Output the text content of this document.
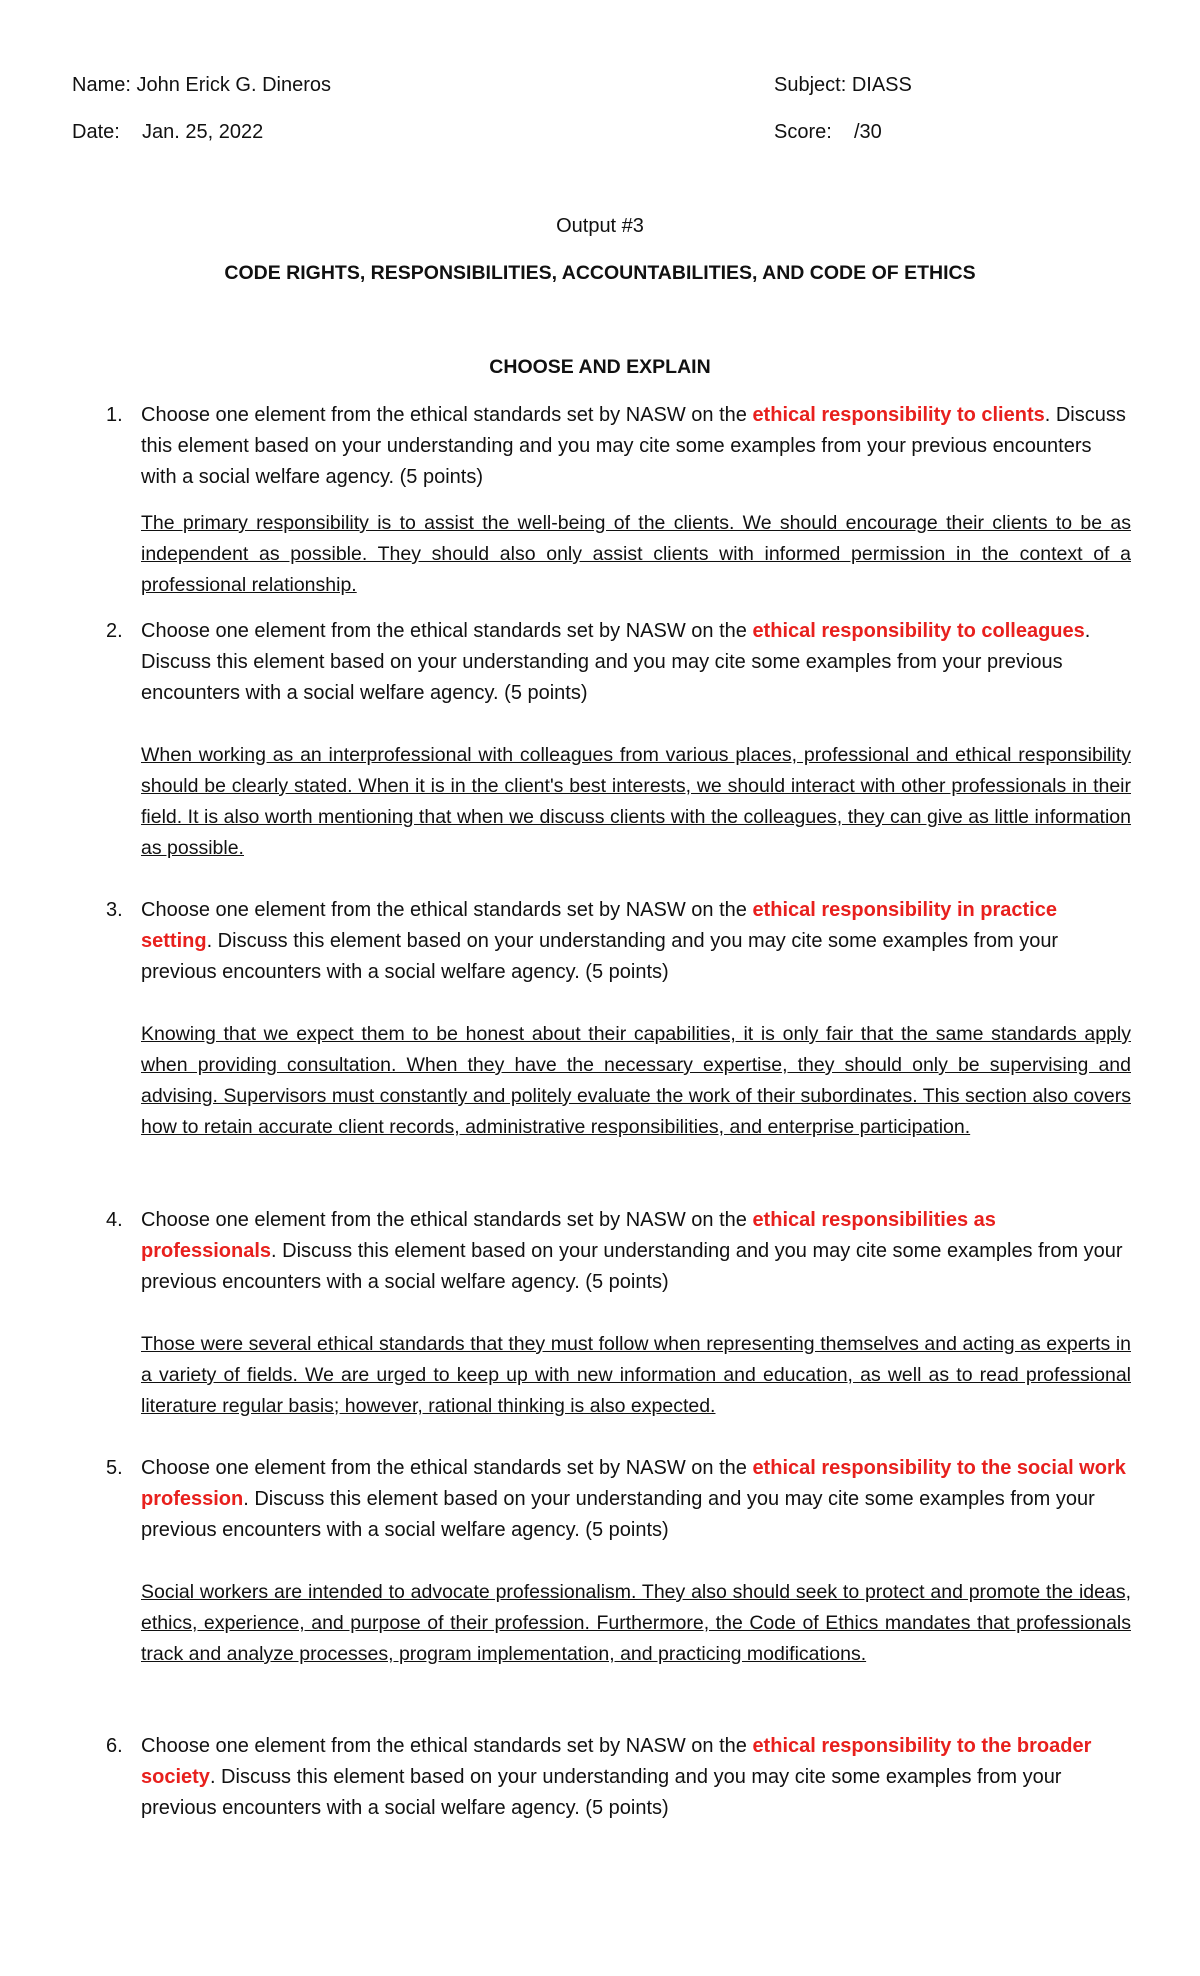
Name: John Erick G. Dineros
Date: Jan. 25, 2022
Subject: DIASS
Score: /30
Output #3
CODE RIGHTS, RESPONSIBILITIES, ACCOUNTABILITIES, AND CODE OF ETHICS
CHOOSE AND EXPLAIN
1. Choose one element from the ethical standards set by NASW on the ethical responsibility to clients. Discuss this element based on your understanding and you may cite some examples from your previous encounters with a social welfare agency. (5 points)

The primary responsibility is to assist the well-being of the clients. We should encourage their clients to be as independent as possible. They should also only assist clients with informed permission in the context of a professional relationship.

2. Choose one element from the ethical standards set by NASW on the ethical responsibility to colleagues. Discuss this element based on your understanding and you may cite some examples from your previous encounters with a social welfare agency. (5 points)

When working as an interprofessional with colleagues from various places, professional and ethical responsibility should be clearly stated. When it is in the client's best interests, we should interact with other professionals in their field. It is also worth mentioning that when we discuss clients with the colleagues, they can give as little information as possible.

3. Choose one element from the ethical standards set by NASW on the ethical responsibility in practice setting. Discuss this element based on your understanding and you may cite some examples from your previous encounters with a social welfare agency. (5 points)

Knowing that we expect them to be honest about their capabilities, it is only fair that the same standards apply when providing consultation. When they have the necessary expertise, they should only be supervising and advising. Supervisors must constantly and politely evaluate the work of their subordinates. This section also covers how to retain accurate client records, administrative responsibilities, and enterprise participation.

4. Choose one element from the ethical standards set by NASW on the ethical responsibilities as professionals. Discuss this element based on your understanding and you may cite some examples from your previous encounters with a social welfare agency. (5 points)

Those were several ethical standards that they must follow when representing themselves and acting as experts in a variety of fields. We are urged to keep up with new information and education, as well as to read professional literature regular basis; however, rational thinking is also expected.

5. Choose one element from the ethical standards set by NASW on the ethical responsibility to the social work profession. Discuss this element based on your understanding and you may cite some examples from your previous encounters with a social welfare agency. (5 points)

Social workers are intended to advocate professionalism. They also should seek to protect and promote the ideas, ethics, experience, and purpose of their profession. Furthermore, the Code of Ethics mandates that professionals track and analyze processes, program implementation, and practicing modifications.

6. Choose one element from the ethical standards set by NASW on the ethical responsibility to the broader society. Discuss this element based on your understanding and you may cite some examples from your previous encounters with a social welfare agency. (5 points)
